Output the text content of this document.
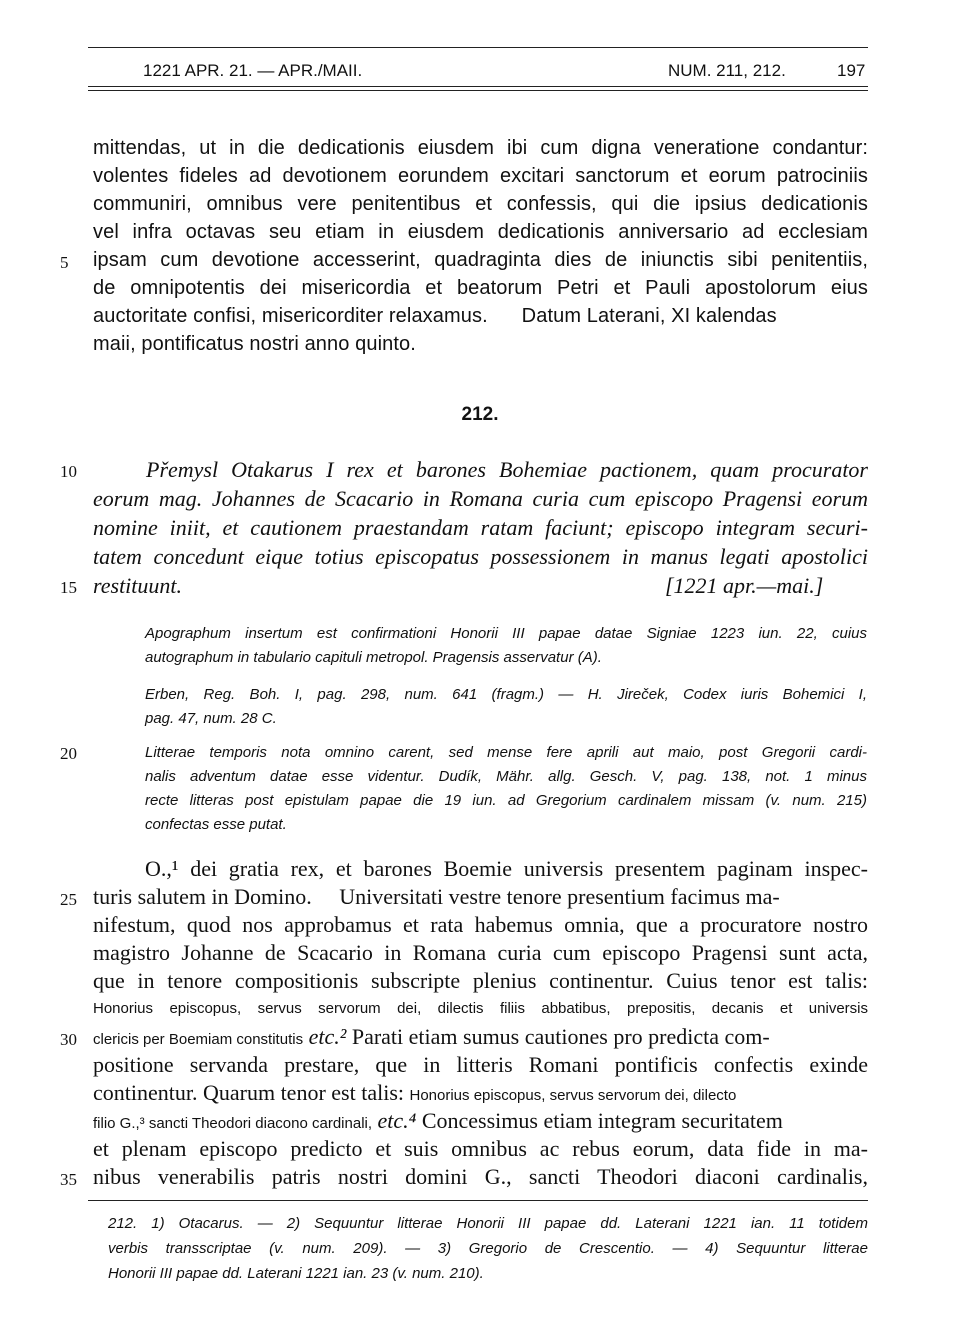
1221 APR. 21. — APR./MAII.	NUM. 211, 212.	197
mittendas, ut in die dedicationis eiusdem ibi cum digna veneratione condantur:
volentes fideles ad devotionem eorundem excitari sanctorum et eorum patrociniis
communiri, omnibus vere penitentibus et confessis, qui die ipsius dedicationis
vel infra octavas seu etiam in eiusdem dedicationis anniversario ad ecclesiam
5 ipsam cum devotione accesserint, quadraginta dies de iniunctis sibi penitentiis,
de omnipotentis dei misericordia et beatorum Petri et Pauli apostolorum eius
auctoritate confisi, misericorditer relaxamus.      Datum Laterani, XI kalendas
maii, pontificatus nostri anno quinto.
212.
10	Přemysl Otakarus I rex et barones Bohemiae pactionem, quam procurator
eorum mag. Johannes de Scacario in Romana curia cum episcopo Pragensi eorum
nomine iniit, et cautionem praestandam ratam faciunt; episcopo integram securi-
tatem concedunt eique totius episcopatus possessionem in manus legati apostolici
15 restituunt.	[1221 apr.—mai.]
Apographum insertum est confirmationi Honorii III papae datae Signiae 1223 iun. 22, cuius
autographum in tabulario capituli metropol. Pragensis asservatur (A).
Erben, Reg. Boh. I, pag. 298, num. 641 (fragm.) — H. Jireček, Codex iuris Bohemici I,
pag. 47, num. 28 C.
20	Litterae temporis nota omnino carent, sed mense fere aprili aut maio, post Gregorii cardi-
nalis adventum datae esse videntur. Dudík, Mähr. allg. Gesch. V, pag. 138, not. 1 minus
recte litteras post epistulam papae die 19 iun. ad Gregorium cardinalem missam (v. num. 215)
confectas esse putat.
O.,¹ dei gratia rex, et barones Boemie universis presentem paginam inspec-
25 turis salutem in Domino.     Universitati vestre tenore presentium facimus ma-
nifestum, quod nos approbamus et rata habemus omnia, que a procuratore nostro
magistro Johanne de Scacario in Romana curia cum episcopo Pragensi sunt acta,
que in tenore compositionis subscripte plenius continentur. Cuius tenor est talis:
Honorius episcopus, servus servorum dei, dilectis filiis abbatibus, prepositis, decanis et universis
30 clericis per Boemiam constitutis etc.² Parati etiam sumus cautiones pro predicta com-
positione servanda prestare, que in litteris Romani pontificis confectis exinde
continentur. Quarum tenor est talis: Honorius episcopus, servus servorum dei, dilecto
filio G.,³ sancti Theodori diacono cardinali, etc.⁴ Concessimus etiam integram securitatem
et plenam episcopo predicto et suis omnibus ac rebus eorum, data fide in ma-
35 nibus venerabilis patris nostri domini G., sancti Theodori diaconi cardinalis,
212. 1) Otacarus. — 2) Sequuntur litterae Honorii III papae dd. Laterani 1221 ian. 11 totidem
verbis transscriptae (v. num. 209). — 3) Gregorio de Crescentio. — 4) Sequuntur litterae
Honorii III papae dd. Laterani 1221 ian. 23 (v. num. 210).
